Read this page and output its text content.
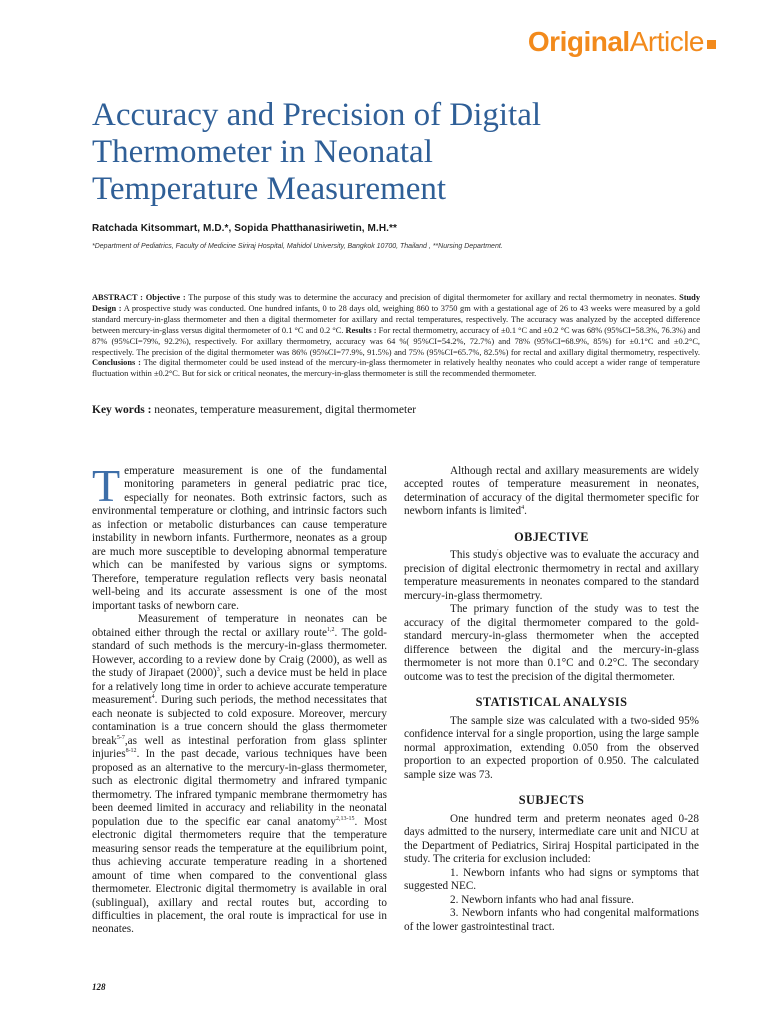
OriginalArticle
Accuracy and Precision of Digital
Thermometer in Neonatal
Temperature Measurement
Ratchada Kitsommart, M.D.*, Sopida Phatthanasiriwetin, M.H.**
*Department of Pediatrics, Faculty of Medicine Siriraj Hospital, Mahidol University, Bangkok 10700, Thailand , **Nursing Department.

ABSTRACT : Objective : The purpose of this study was to determine the accuracy and precision of digital thermometer for axillary and rectal thermometry in neonates. Study Design : A prospective study was conducted. One hundred infants, 0 to 28 days old, weighing 860 to 3750 gm with a gestational age of 26 to 43 weeks were measured by a gold standard mercury-in-glass thermometer and then a digital thermometer for axillary and rectal temperatures, respectively. The accuracy was analyzed by the accepted difference between mercury-in-glass versus digital thermometer of 0.1 °C and 0.2 °C. Results : For rectal thermometry, accuracy of ±0.1 °C and ±0.2 °C was 68% (95%CI=58.3%, 76.3%) and 87% (95%CI=79%, 92.2%), respectively. For axillary thermometry, accuracy was 64 %( 95%CI=54.2%, 72.7%) and 78% (95%CI=68.9%, 85%) for ±0.1°C and ±0.2°C, respectively. The precision of the digital thermometer was 86% (95%CI=77.9%, 91.5%) and 75% (95%CI=65.7%, 82.5%) for rectal and axillary digital thermometry, respectively. Conclusions : The digital thermometer could be used instead of the mercury-in-glass thermometer in relatively healthy neonates who could accept a wider range of temperature fluctuation within ±0.2°C. But for sick or critical neonates, the mercury-in-glass thermometer is still the recommended thermometer.

Key words : neonates, temperature measurement, digital thermometer

Temperature measurement is one of the fundamental monitoring parameters in general pediatric prac tice, especially for neonates. Both extrinsic factors, such as environmental temperature or clothing, and intrinsic factors such as infection or metabolic disturbances can cause temperature instability in newborn infants. Furthermore, neonates as a group are much more susceptible to developing abnormal temperature which can be manifested by various signs or symptoms. Therefore, temperature regulation reflects very basis neonatal well-being and its accurate assessment is one of the most important tasks of newborn care.

Measurement of temperature in neonates can be obtained either through the rectal or axillary route$^{1,2}$. The gold-standard of such methods is the mercury-in-glass thermometer. However, according to a review done by Craig (2000), as well as the study of Jirapaet $(2000)^3$, such a device must be held in place for a relatively long time in order to achieve accurate temperature measurement$^4$. During such periods, the method necessitates that each neonate is subjected to cold exposure. Moreover, mercury contamination is a true concern should the glass thermometer break$^{5-7}$,as well as intestinal perforation from glass splinter injuries$^{8-12}$. In the past decade, various techniques have been proposed as an alternative to the mercury-in-glass thermometer, such as electronic digital thermometry and infrared tympanic thermometry. The infrared tympanic membrane thermometry has been deemed limited in accuracy and reliability in the neonatal population due to the specific ear canal anatomy$^{2,13-15}$. Most electronic digital thermometers require that the temperature measuring sensor reads the temperature at the equilibrium point, thus achieving accurate temperature reading in a shortened amount of time when compared to the conventional glass thermometer. Electronic digital thermometry is available in oral (sublingual), axillary and rectal routes but, according to difficulties in placement, the oral route is impractical for use in neonates.

Although rectal and axillary measurements are widely accepted routes of temperature measurement in neonates, determination of accuracy of the digital thermometer specific for newborn infants is limited$^4$.

OBJECTIVE

This study's objective was to evaluate the accuracy and precision of digital electronic thermometry in rectal and axillary temperature measurements in neonates compared to the standard mercury-in-glass thermometry.

The primary function of the study was to test the accuracy of the digital thermometer compared to the gold-standard mercury-in-glass thermometer when the accepted difference between the digital and the mercury-in-glass thermometer is not more than 0.1°C and 0.2°C. The secondary outcome was to test the precision of the digital thermometer.

STATISTICAL ANALYSIS

The sample size was calculated with a two-sided 95% confidence interval for a single proportion, using the large sample normal approximation, extending 0.050 from the observed proportion to an expected proportion of 0.950. The calculated sample size was 73.

SUBJECTS

One hundred term and preterm neonates aged 0-28 days admitted to the nursery, intermediate care unit and NICU at the Department of Pediatrics, Siriraj Hospital participated in the study. The criteria for exclusion included:

1. Newborn infants who had signs or symptoms that suggested NEC.

2. Newborn infants who had anal fissure.

3. Newborn infants who had congenital malformations of the lower gastrointestinal tract.

128
